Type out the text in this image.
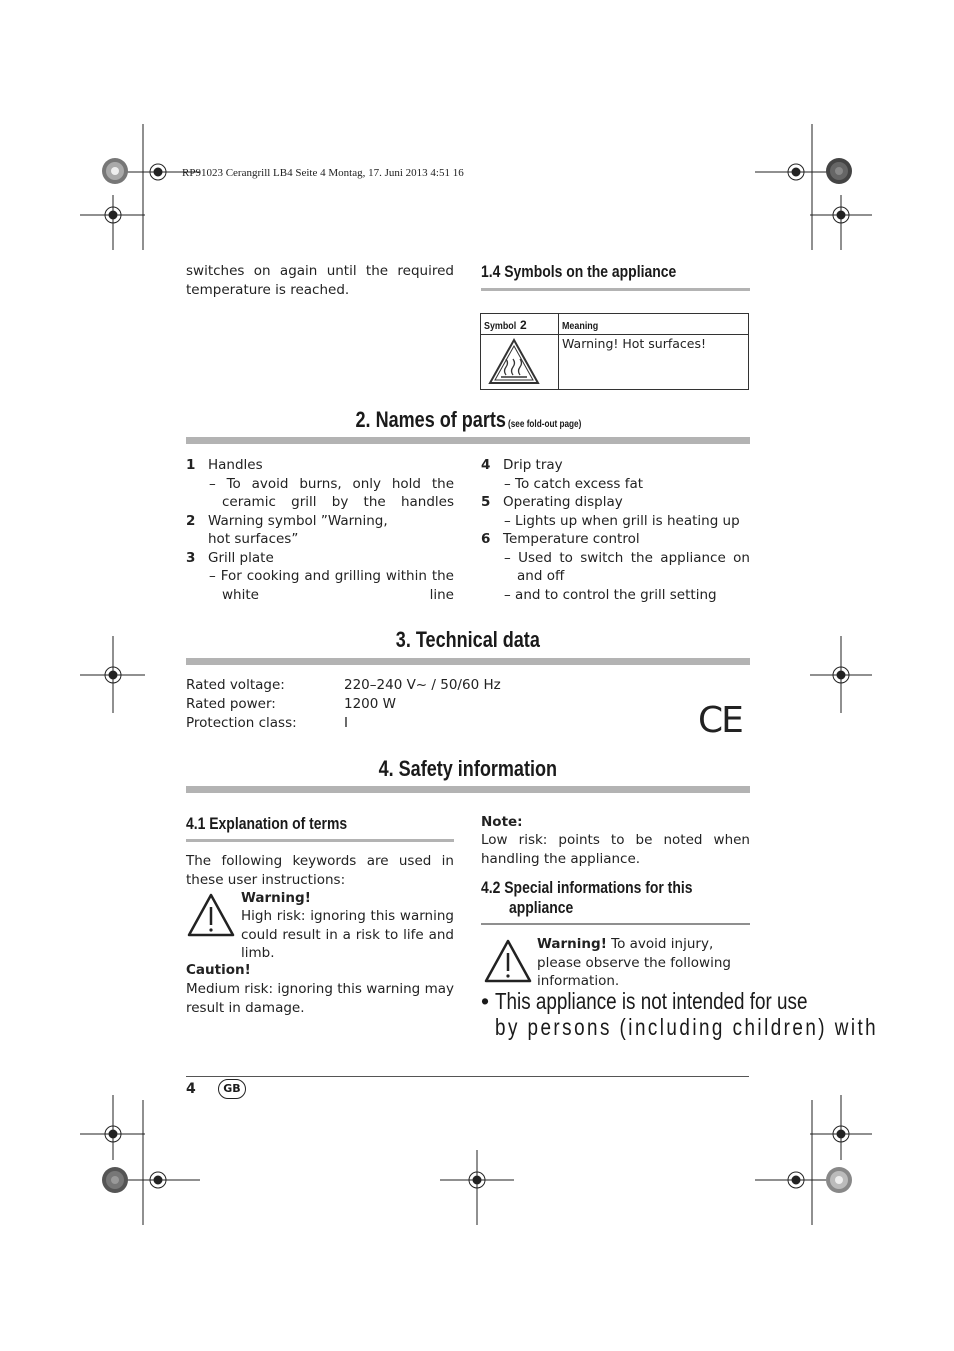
RP91023 Cerangrill LB4 Seite 4 Montag, 17. Juni 2013 4:51 16
switches on again until the required temperature is reached.
1.4 Symbols on the appliance
Symbol 2	Meaning
	Warning! Hot surfaces!
2. Names of parts (see fold-out page)
1 Handles
– To avoid burns, only hold the ceramic grill by the handles
2 Warning symbol ”Warning, hot surfaces”
3 Grill plate
– For cooking and grilling within the white line
4 Drip tray
– To catch excess fat
5 Operating display
– Lights up when grill is heating up
6 Temperature control
– Used to switch the appliance on and off
– and to control the grill setting
3. Technical data
Rated voltage:	220–240 V~ / 50/60 Hz
Rated power:	1200 W
Protection class:	I	CE
4. Safety information
4.1 Explanation of terms
The following keywords are used in these user instructions:
Warning!
High risk: ignoring this warning could result in a risk to life and limb.
Caution!
Medium risk: ignoring this warning may result in damage.
Note:
Low risk: points to be noted when handling the appliance.
4.2 Special informations for this
appliance
Warning! To avoid injury, please observe the following information.
• This appliance is not intended for use
by persons (including children) with
4	GB
